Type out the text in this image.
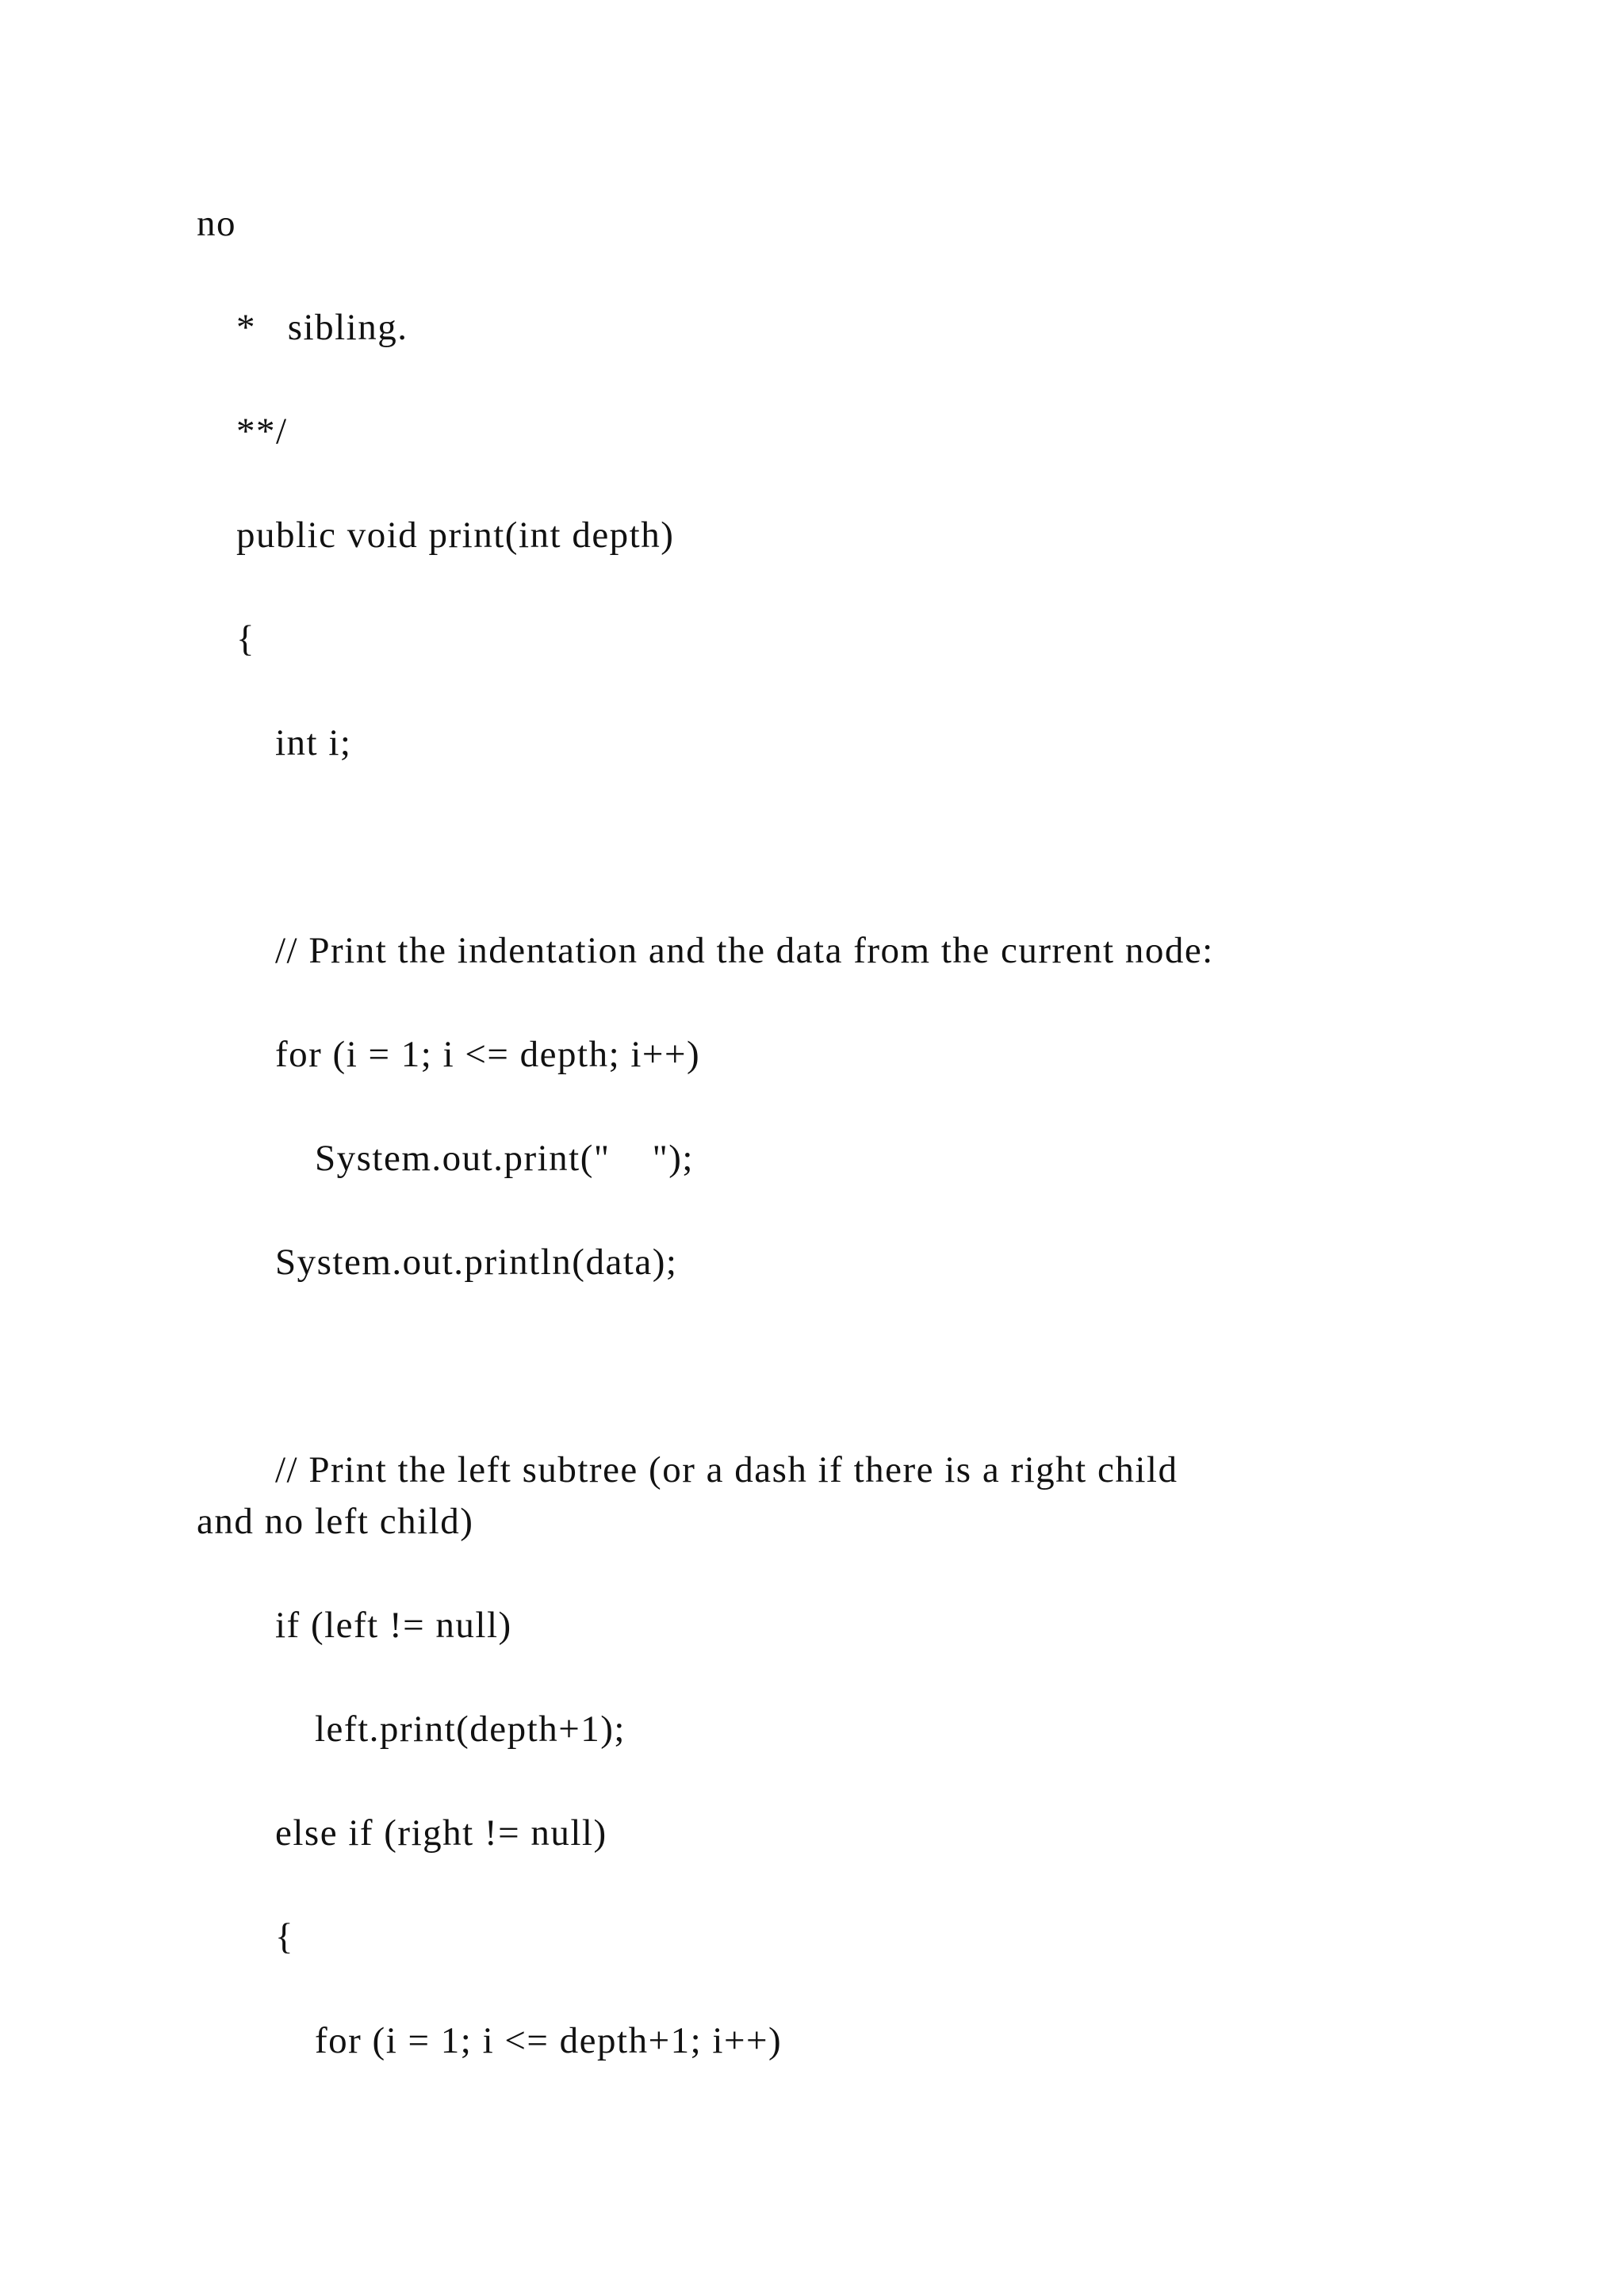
no

*   sibling.

**/

public void print(int depth)

{

int i;

// Print the indentation and the data from the current node:

for (i = 1; i <= depth; i++)

System.out.print("    ");

System.out.println(data);

// Print the left subtree (or a dash if there is a right child

and no left child)

if (left != null)

left.print(depth+1);

else if (right != null)

{

for (i = 1; i <= depth+1; i++)
